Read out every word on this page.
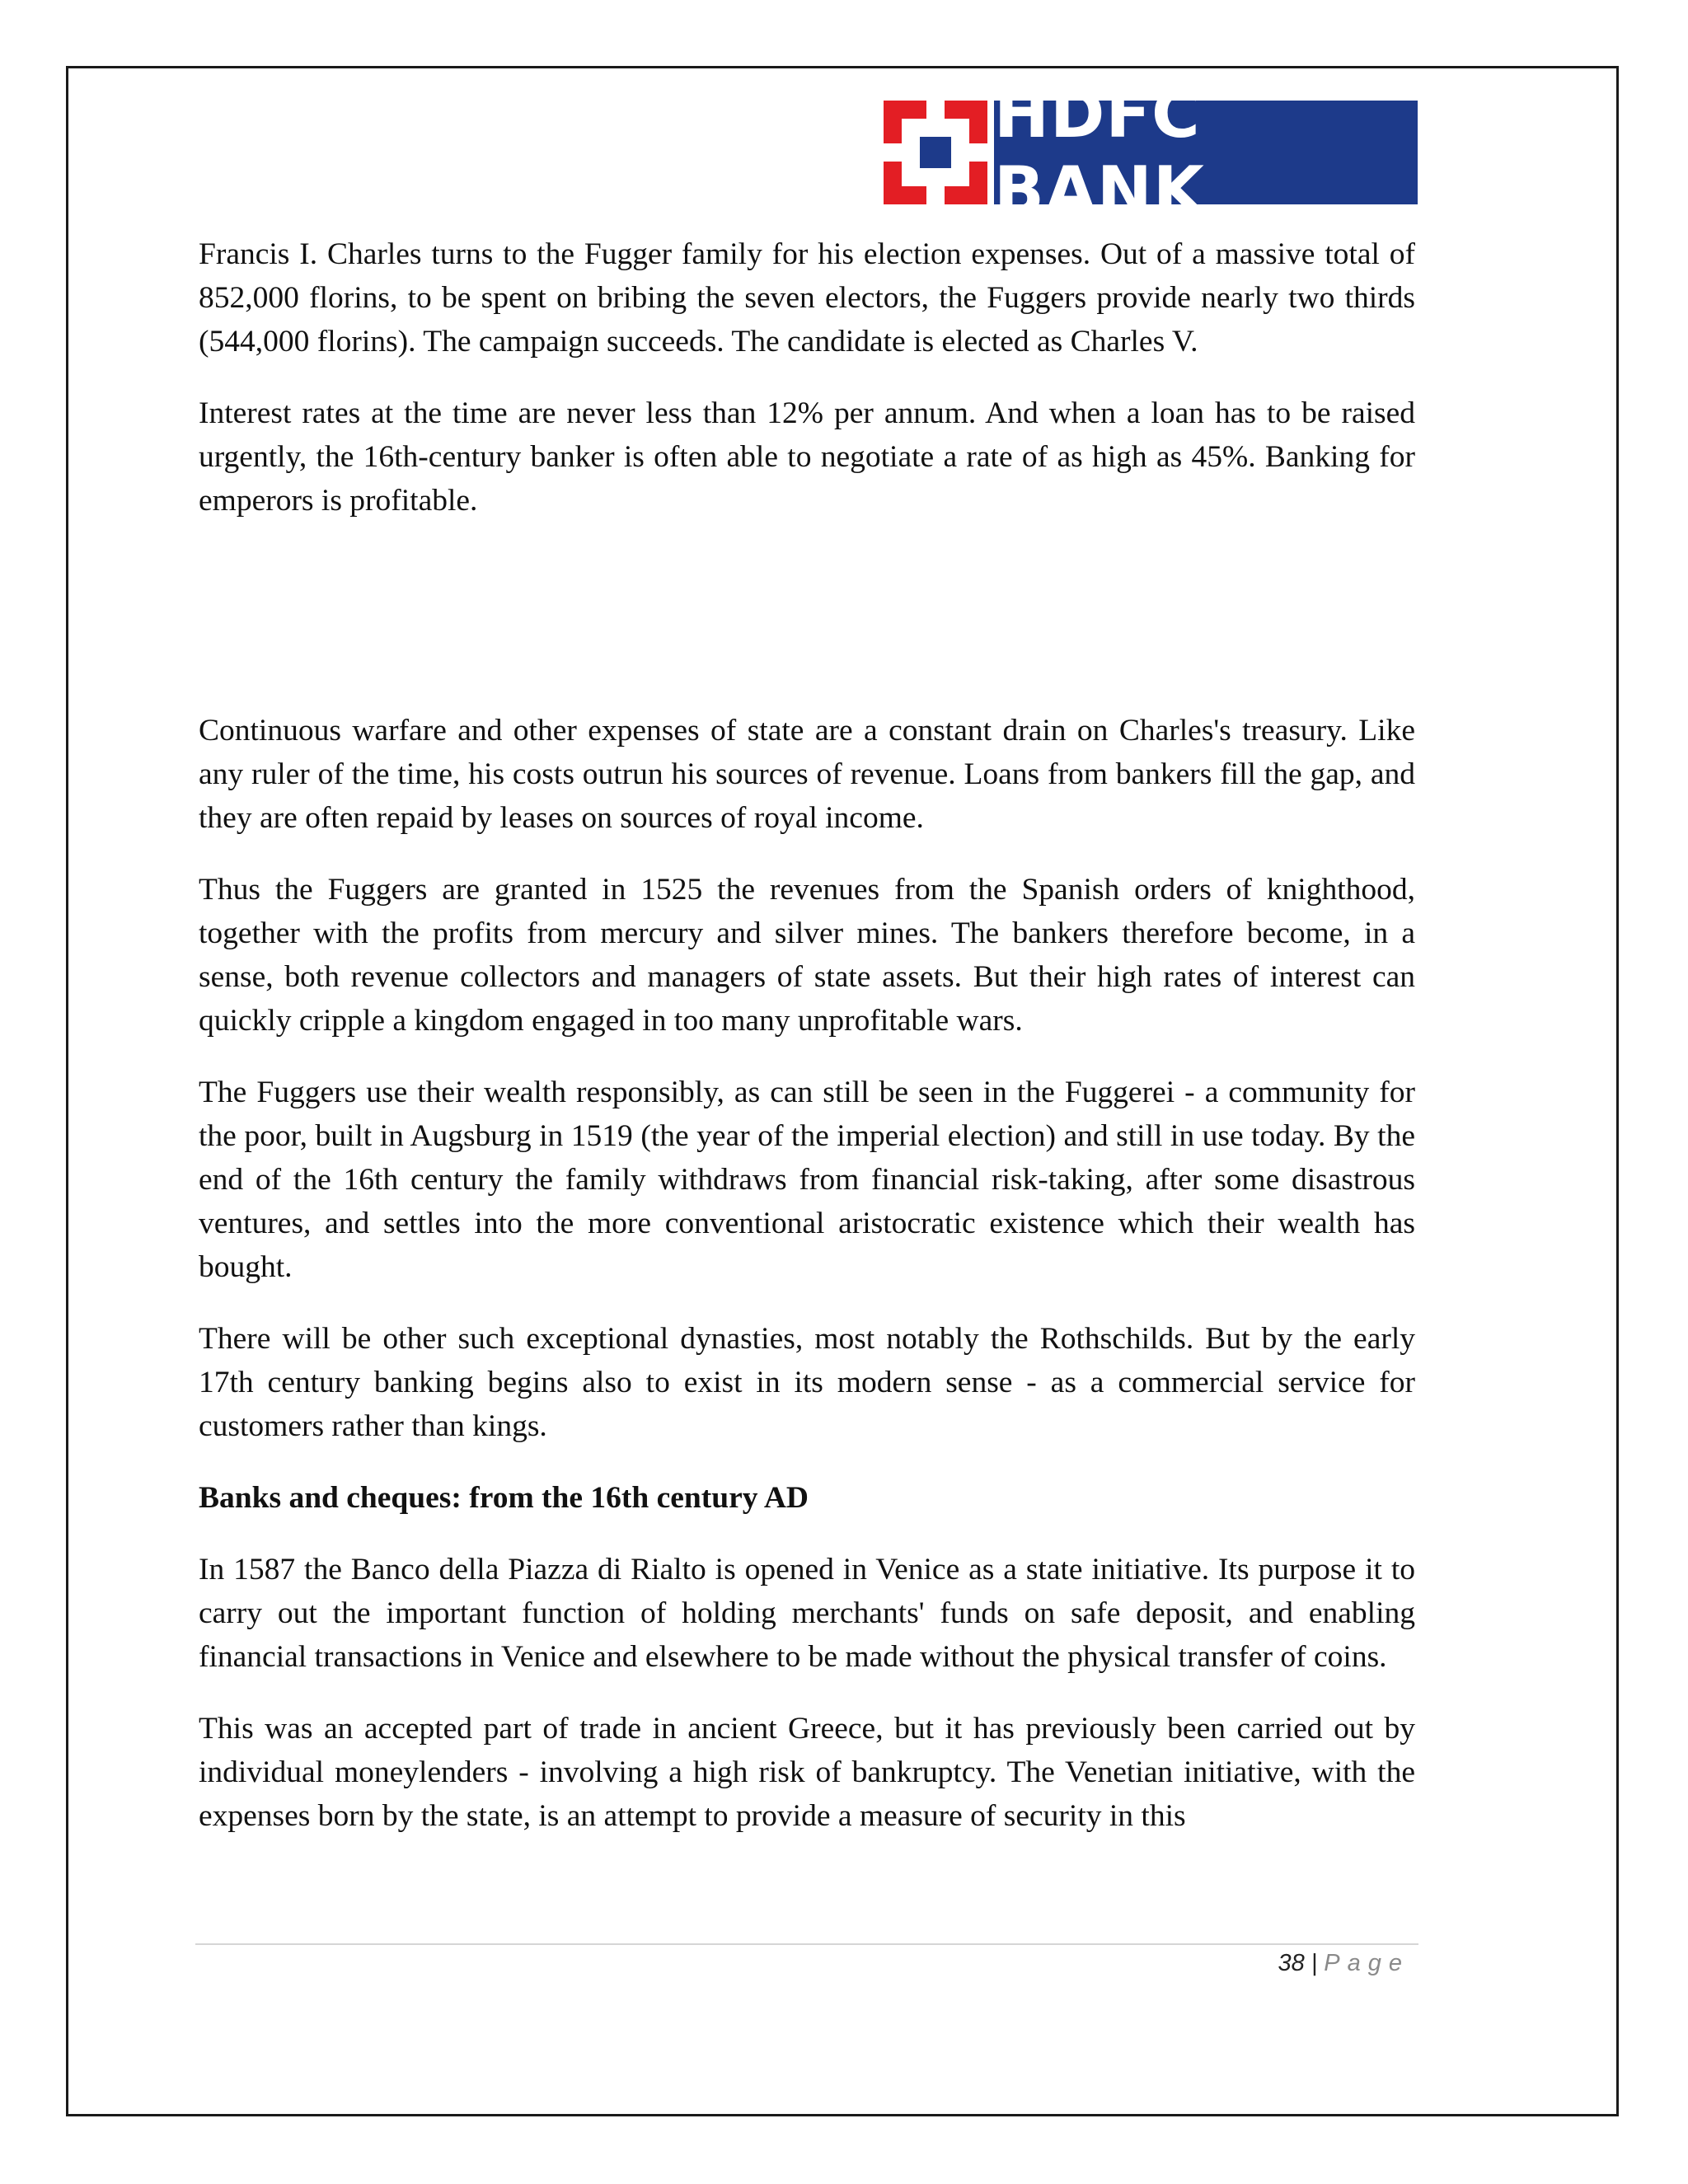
HDFC BANK

Francis I. Charles turns to the Fugger family for his election expenses. Out of a massive total of 852,000 florins, to be spent on bribing the seven electors, the Fuggers provide nearly two thirds (544,000 florins). The campaign succeeds. The candidate is elected as Charles V.

Interest rates at the time are never less than 12% per annum. And when a loan has to be raised urgently, the 16th-century banker is often able to negotiate a rate of as high as 45%. Banking for emperors is profitable.

Continuous warfare and other expenses of state are a constant drain on Charles's treasury. Like any ruler of the time, his costs outrun his sources of revenue. Loans from bankers fill the gap, and they are often repaid by leases on sources of royal income.

Thus the Fuggers are granted in 1525 the revenues from the Spanish orders of knighthood, together with the profits from mercury and silver mines. The bankers therefore become, in a sense, both revenue collectors and managers of state assets. But their high rates of interest can quickly cripple a kingdom engaged in too many unprofitable wars.

The Fuggers use their wealth responsibly, as can still be seen in the Fuggerei - a community for the poor, built in Augsburg in 1519 (the year of the imperial election) and still in use today. By the end of the 16th century the family withdraws from financial risk-taking, after some disastrous ventures, and settles into the more conventional aristocratic existence which their wealth has bought.

There will be other such exceptional dynasties, most notably the Rothschilds. But by the early 17th century banking begins also to exist in its modern sense - as a commercial service for customers rather than kings.

Banks and cheques: from the 16th century AD

In 1587 the Banco della Piazza di Rialto is opened in Venice as a state initiative. Its purpose it to carry out the important function of holding merchants' funds on safe deposit, and enabling financial transactions in Venice and elsewhere to be made without the physical transfer of coins.

This was an accepted part of trade in ancient Greece, but it has previously been carried out by individual moneylenders - involving a high risk of bankruptcy. The Venetian initiative, with the expenses born by the state, is an attempt to provide a measure of security in this

38 | Page
